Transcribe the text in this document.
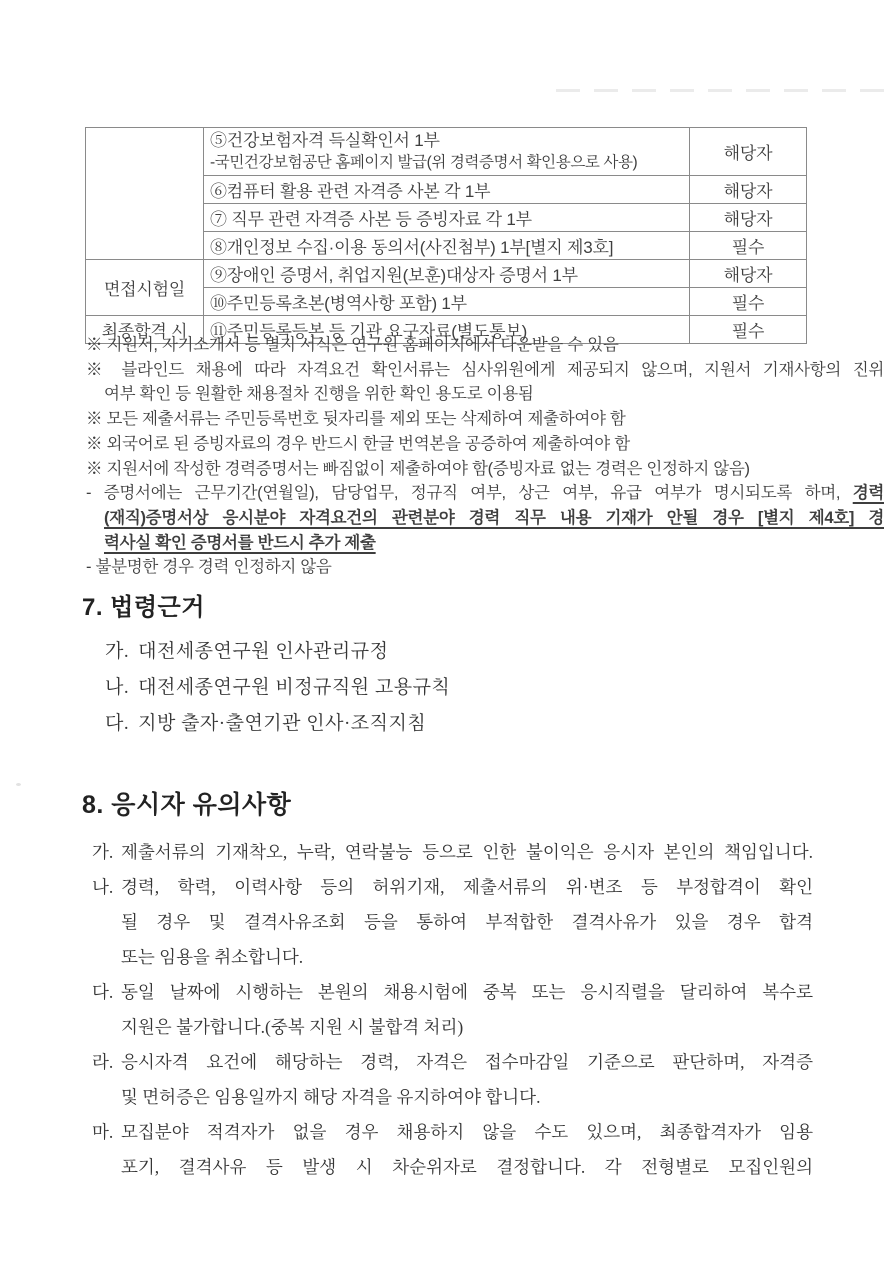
	⑤건강보험자격 득실확인서 1부
-국민건강보험공단 홈페이지 발급(위 경력증명서 확인용으로 사용)	해당자
	⑥컴퓨터 활용 관련 자격증 사본 각 1부	해당자
	⑦ 직무 관련 자격증 사본 등 증빙자료 각 1부	해당자
	⑧개인정보 수집·이용 동의서(사진첨부) 1부[별지 제3호]	필수
면접시험일	⑨장애인 증명서, 취업지원(보훈)대상자 증명서 1부	해당자
	⑩주민등록초본(병역사항 포함) 1부	필수
최종합격 시	⑪주민등록등본 등 기관 요구자료(별도통보)	필수
※ 지원서, 자기소개서 등 별지 서식은 연구원 홈페이지에서 다운받을 수 있음
※ 블라인드 채용에 따라 자격요건 확인서류는 심사위원에게 제공되지 않으며, 지원서 기재사항의 진위
여부 확인 등 원활한 채용절차 진행을 위한 확인 용도로 이용됨
※ 모든 제출서류는 주민등록번호 뒷자리를 제외 또는 삭제하여 제출하여야 함
※ 외국어로 된 증빙자료의 경우 반드시 한글 번역본을 공증하여 제출하여야 함
※ 지원서에 작성한 경력증명서는 빠짐없이 제출하여야 함(증빙자료 없는 경력은 인정하지 않음)
- 증명서에는 근무기간(연월일), 담당업무, 정규직 여부, 상근 여부, 유급 여부가 명시되도록 하며, 경력
(재직)증명서상 응시분야 자격요건의 관련분야 경력 직무 내용 기재가 안될 경우 [별지 제4호] 경
력사실 확인 증명서를 반드시 추가 제출
- 불분명한 경우 경력 인정하지 않음
7. 법령근거
가. 대전세종연구원 인사관리규정
나. 대전세종연구원 비정규직원 고용규칙
다. 지방 출자·출연기관 인사·조직지침
8. 응시자 유의사항
가. 제출서류의 기재착오, 누락, 연락불능 등으로 인한 불이익은 응시자 본인의 책임입니다.
나. 경력, 학력, 이력사항 등의 허위기재, 제출서류의 위·변조 등 부정합격이 확인
될 경우 및 결격사유조회 등을 통하여 부적합한 결격사유가 있을 경우 합격
또는 임용을 취소합니다.
다. 동일 날짜에 시행하는 본원의 채용시험에 중복 또는 응시직렬을 달리하여 복수로
지원은 불가합니다.(중복 지원 시 불합격 처리)
라. 응시자격 요건에 해당하는 경력, 자격은 접수마감일 기준으로 판단하며, 자격증
및 면허증은 임용일까지 해당 자격을 유지하여야 합니다.
마. 모집분야 적격자가 없을 경우 채용하지 않을 수도 있으며, 최종합격자가 임용
포기, 결격사유 등 발생 시 차순위자로 결정합니다. 각 전형별로 모집인원의
